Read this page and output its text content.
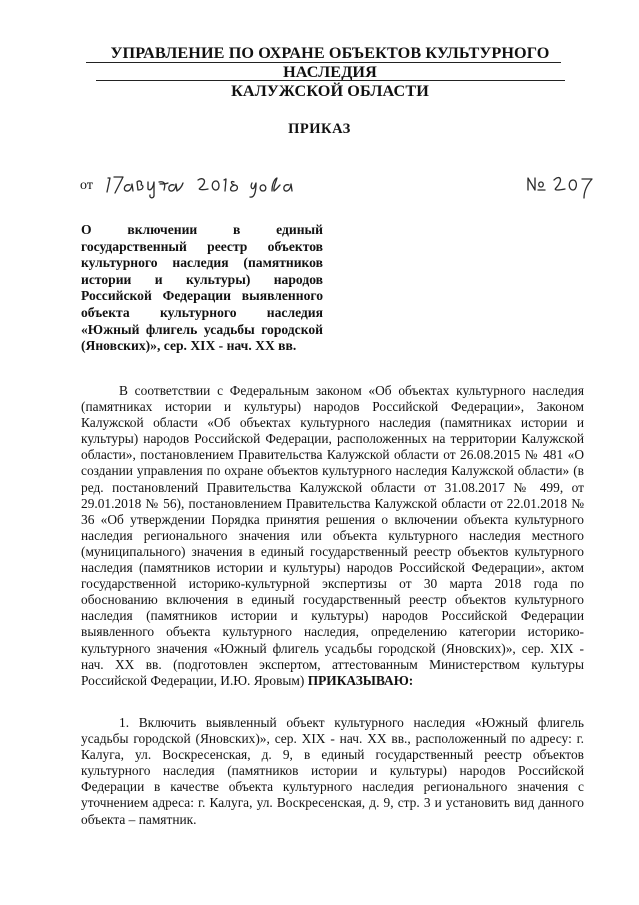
УПРАВЛЕНИЕ ПО ОХРАНЕ ОБЪЕКТОВ КУЛЬТУРНОГО НАСЛЕДИЯ
КАЛУЖСКОЙ ОБЛАСТИ
ПРИКАЗ
от
О включении в единый государственный реестр объектов культурного наследия (памятников истории и культуры) народов Российской Федерации выявленного объекта культурного наследия «Южный флигель усадьбы городской (Яновских)», сер. XIX - нач. XX вв.
В соответствии с Федеральным законом «Об объектах культурного наследия (памятниках истории и культуры) народов Российской Федерации», Законом Калужской области «Об объектах культурного наследия (памятниках истории и культуры) народов Российской Федерации, расположенных на территории Калужской области», постановлением Правительства Калужской области от 26.08.2015 № 481 «О создании управления по охране объектов культурного наследия Калужской области» (в ред. постановлений Правительства Калужской области от 31.08.2017 № 499, от 29.01.2018 № 56), постановлением Правительства Калужской области от 22.01.2018 № 36 «Об утверждении Порядка принятия решения о включении объекта культурного наследия регионального значения или объекта культурного наследия местного (муниципального) значения в единый государственный реестр объектов культурного наследия (памятников истории и культуры) народов Российской Федерации», актом государственной историко-культурной экспертизы от 30 марта 2018 года по обоснованию включения в единый государственный реестр объектов культурного наследия (памятников истории и культуры) народов Российской Федерации выявленного объекта культурного наследия, определению категории историко-культурного значения «Южный флигель усадьбы городской (Яновских)», сер. XIX - нач. XX вв. (подготовлен экспертом, аттестованным Министерством культуры Российской Федерации, И.Ю. Яровым) ПРИКАЗЫВАЮ:
1. Включить выявленный объект культурного наследия «Южный флигель усадьбы городской (Яновских)», сер. XIX - нач. XX вв., расположенный по адресу: г. Калуга, ул. Воскресенская, д. 9, в единый государственный реестр объектов культурного наследия (памятников истории и культуры) народов Российской Федерации в качестве объекта культурного наследия регионального значения с уточнением адреса: г. Калуга, ул. Воскресенская, д. 9, стр. 3 и установить вид данного объекта – памятник.
